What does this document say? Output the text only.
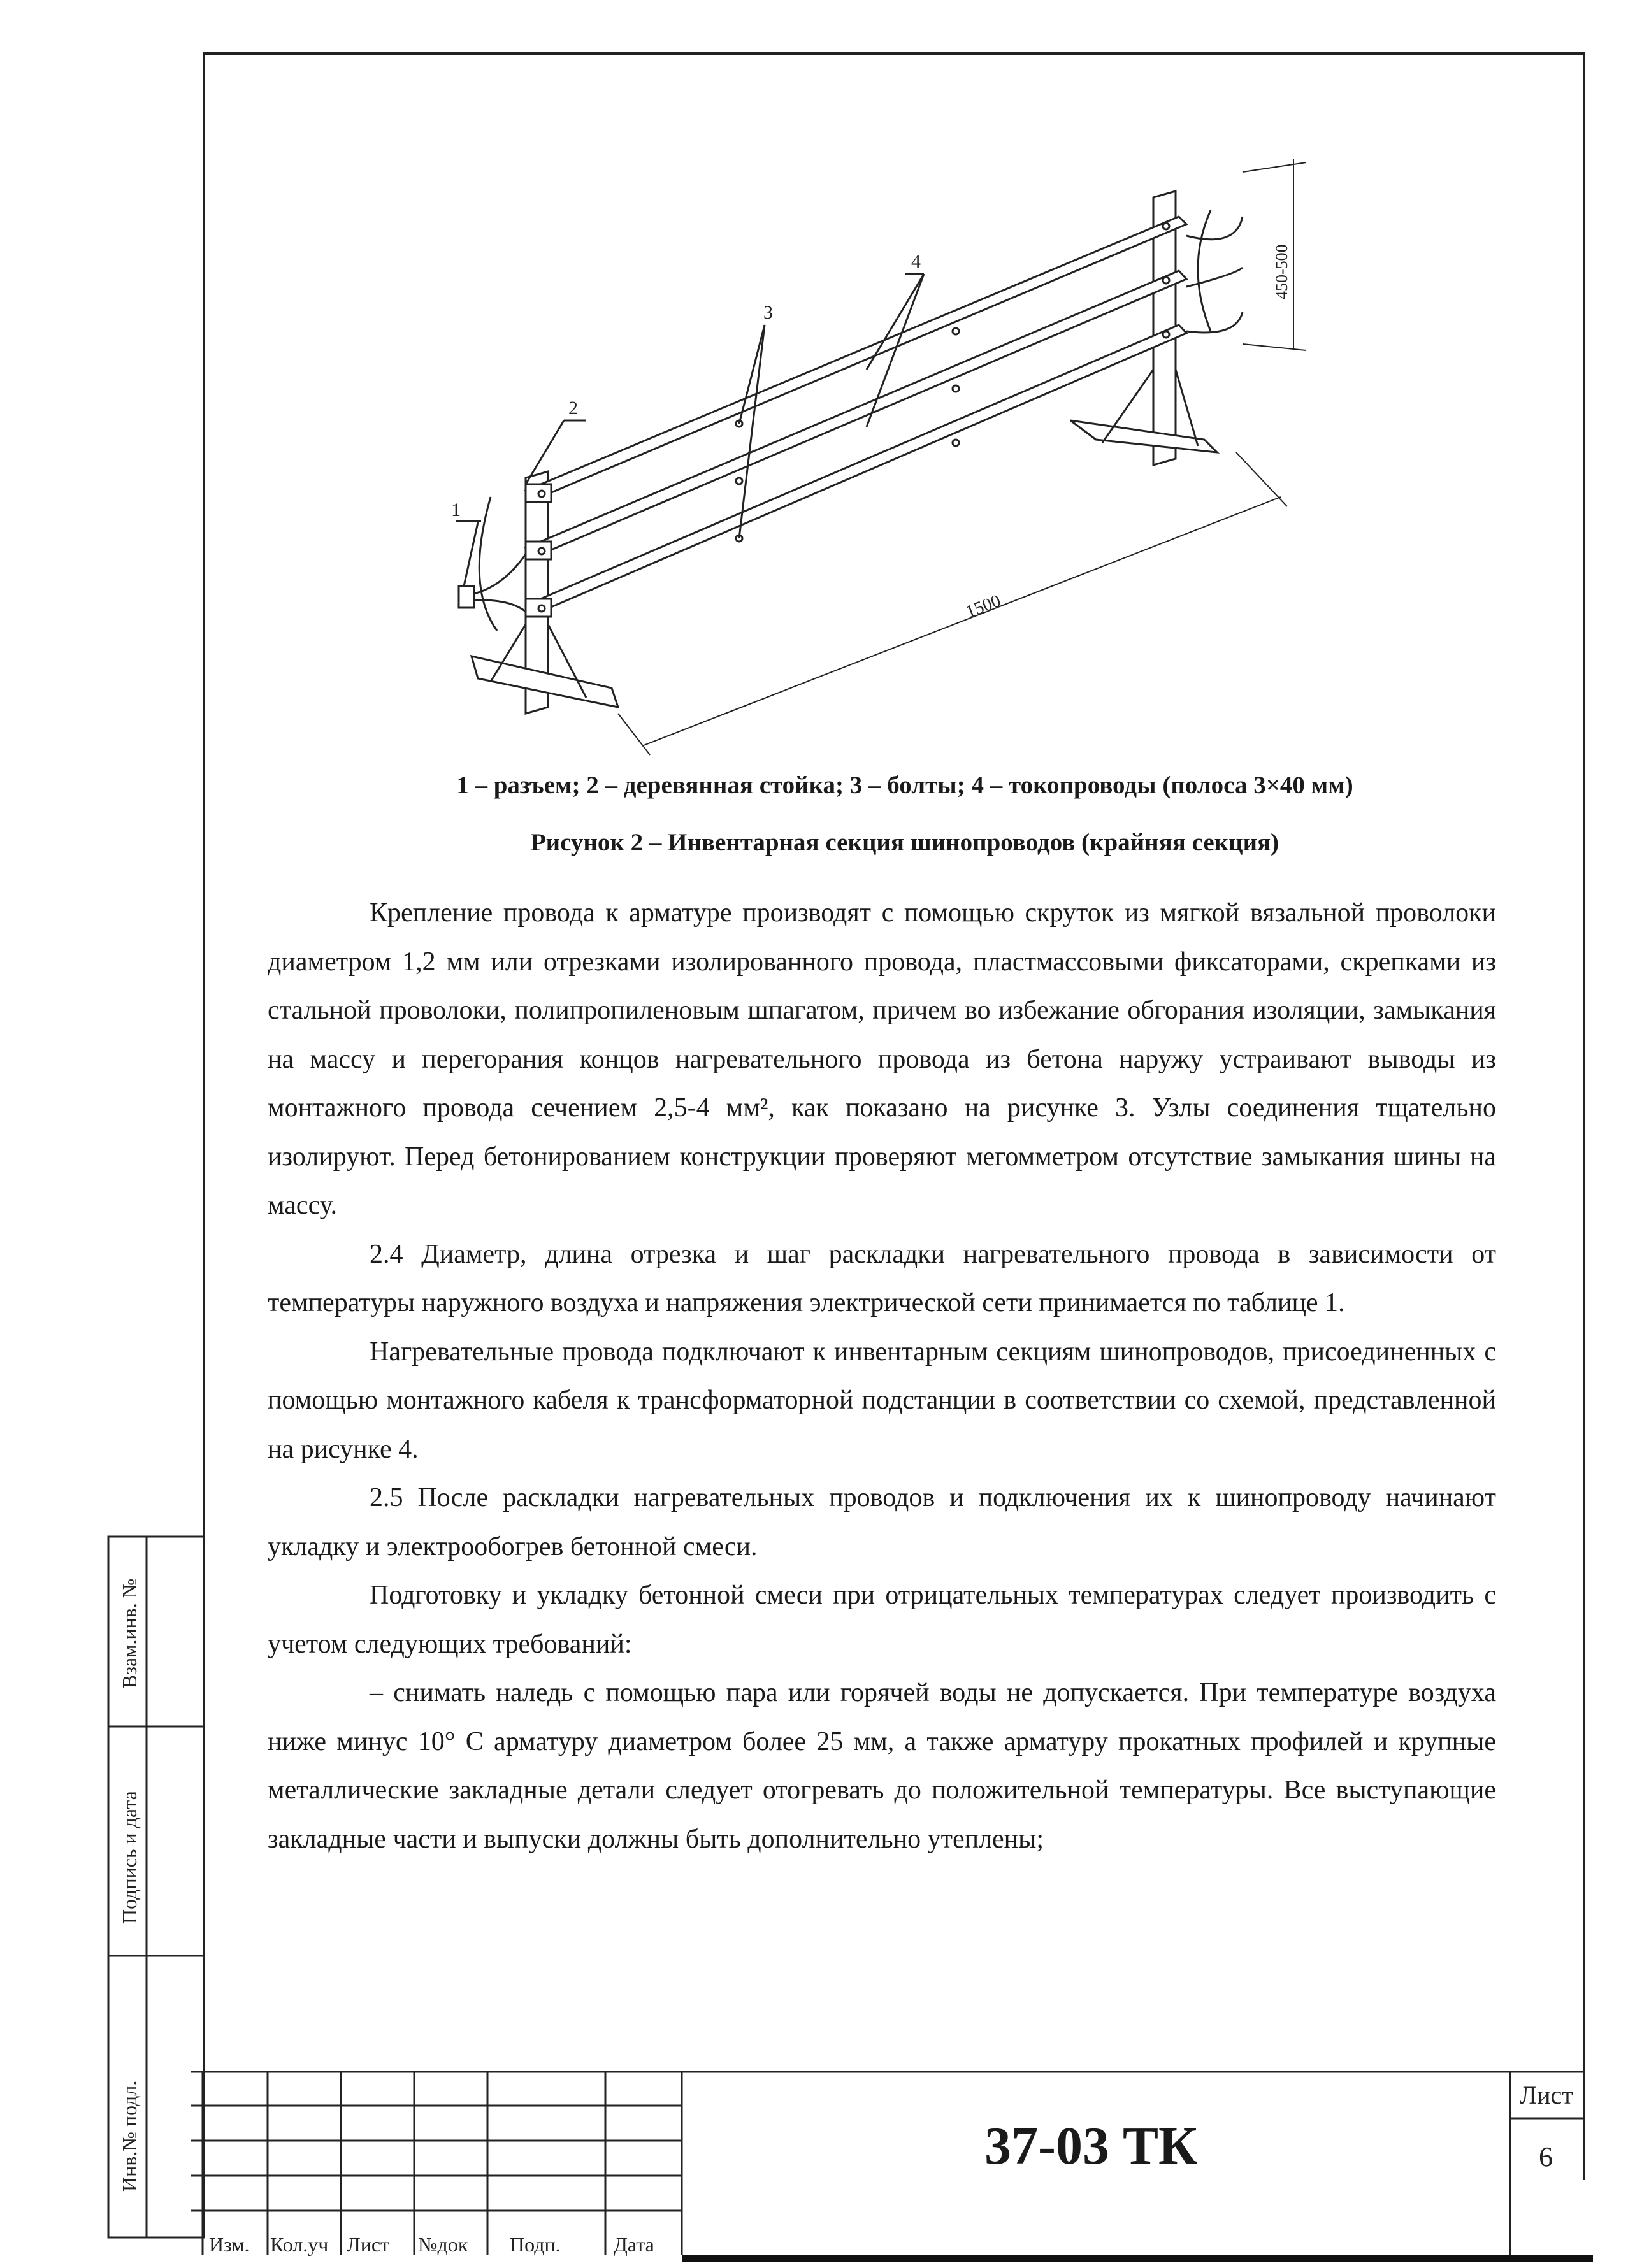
1
2
3
4
1500
450-500
1 – разъем; 2 – деревянная стойка; 3 – болты; 4 – токопроводы (полоса 3×40 мм)
Рисунок 2 – Инвентарная секция шинопроводов (крайняя секция)

Крепление провода к арматуре производят с помощью скруток из мягкой вязальной проволоки диаметром 1,2 мм или отрезками изолированного провода, пластмассовыми фиксаторами, скрепками из стальной проволоки, полипропиленовым шпагатом, причем во избежание обгорания изоляции, замыкания на массу и перегорания концов нагревательного провода из бетона наружу устраивают выводы из монтажного провода сечением 2,5-4 мм², как показано на рисунке 3. Узлы соединения тщательно изолируют. Перед бетонированием конструкции проверяют мегомметром отсутствие замыкания шины на массу.

2.4 Диаметр, длина отрезка и шаг раскладки нагревательного провода в зависимости от температуры наружного воздуха и напряжения электрической сети принимается по таблице 1.

Нагревательные провода подключают к инвентарным секциям шинопроводов, присоединенных с помощью монтажного кабеля к трансформаторной подстанции в соответствии со схемой, представленной на рисунке 4.

2.5 После раскладки нагревательных проводов и подключения их к шинопроводу начинают укладку и электрообогрев бетонной смеси.

Подготовку и укладку бетонной смеси при отрицательных температурах следует производить с учетом следующих требований:

– снимать наледь с помощью пара или горячей воды не допускается. При температуре воздуха ниже минус 10° С арматуру диаметром более 25 мм, а также арматуру прокатных профилей и крупные металлические закладные детали следует отогревать до положительной температуры. Все выступающие закладные части и выпуски должны быть дополнительно утеплены;

Взам.инв. №
Подпись и дата
Инв.№ подл.
Изм. Кол.уч Лист №док Подп.	Дата
37-03 ТК
Лист
6
